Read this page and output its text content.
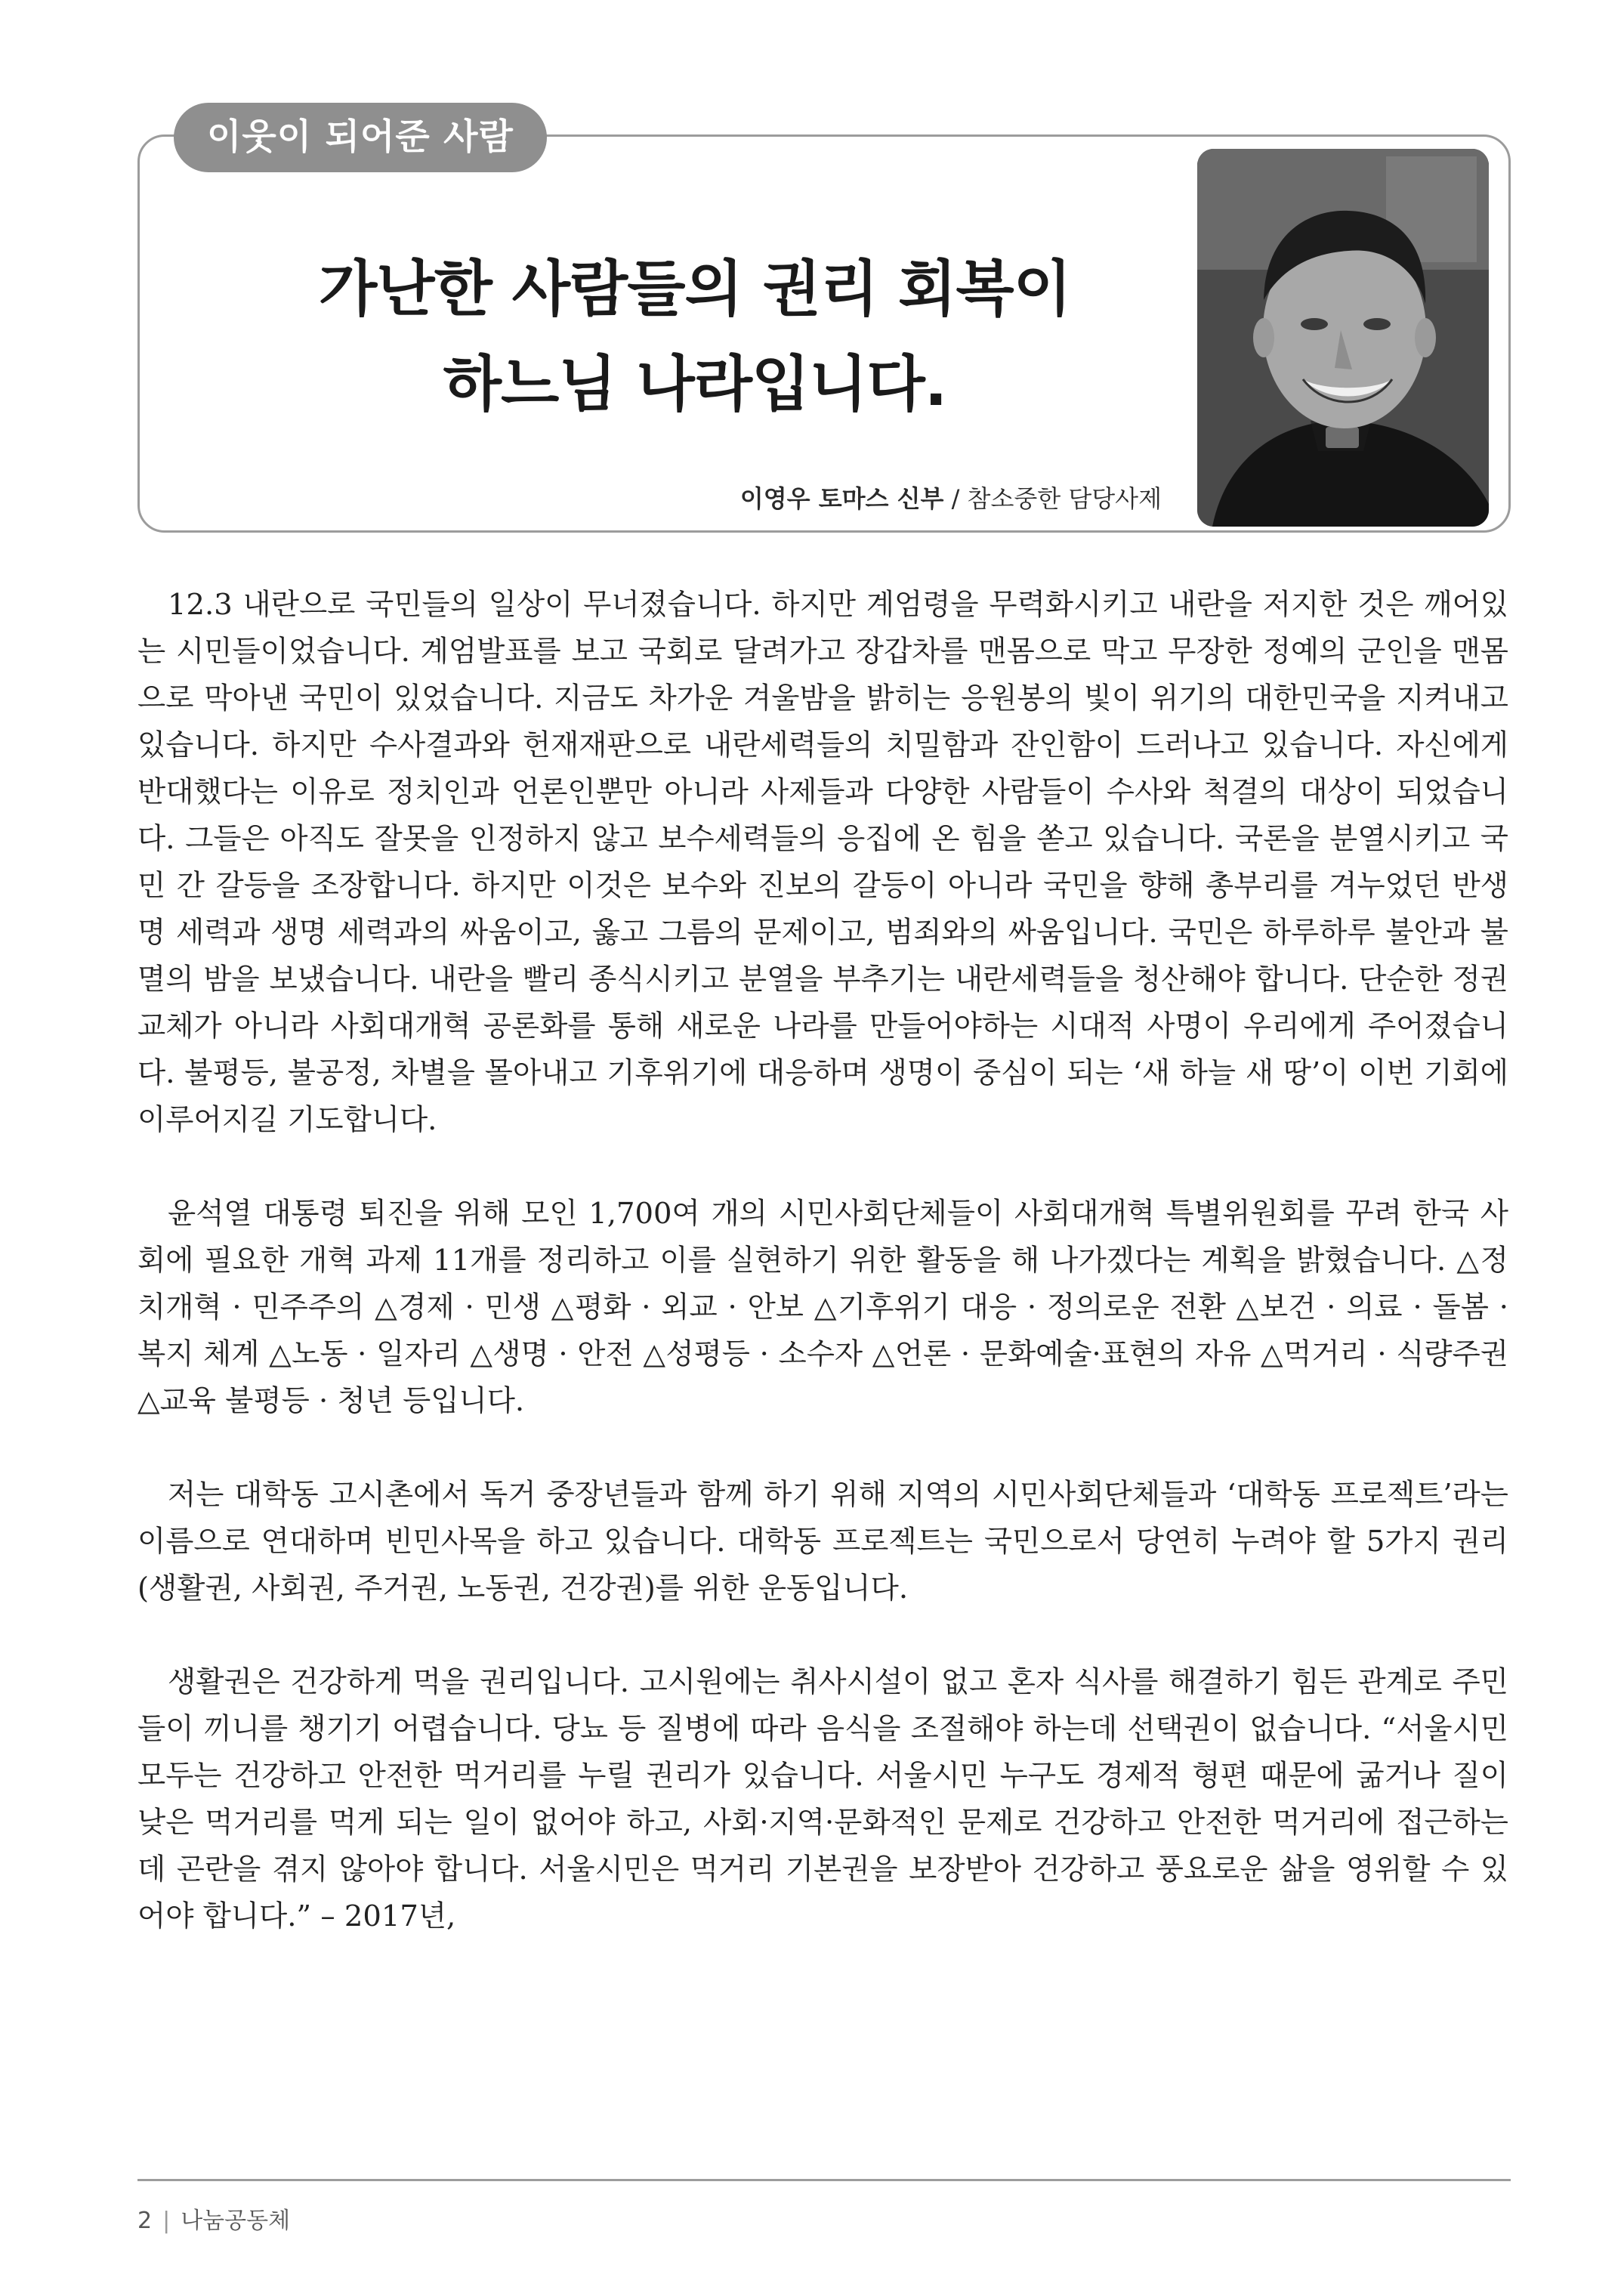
이웃이 되어준 사람
가난한 사람들의 권리 회복이
하느님 나라입니다.
이영우 토마스 신부 / 참소중한 담당사제

12.3 내란으로 국민들의 일상이 무너졌습니다. 하지만 계엄령을 무력화시키고 내란을 저지한 것은 깨어있는 시민들이었습니다. 계엄발표를 보고 국회로 달려가고 장갑차를 맨몸으로 막고 무장한 정예의 군인을 맨몸으로 막아낸 국민이 있었습니다. 지금도 차가운 겨울밤을 밝히는 응원봉의 빛이 위기의 대한민국을 지켜내고 있습니다. 하지만 수사결과와 헌재재판으로 내란세력들의 치밀함과 잔인함이 드러나고 있습니다. 자신에게 반대했다는 이유로 정치인과 언론인뿐만 아니라 사제들과 다양한 사람들이 수사와 척결의 대상이 되었습니다. 그들은 아직도 잘못을 인정하지 않고 보수세력들의 응집에 온 힘을 쏟고 있습니다. 국론을 분열시키고 국민 간 갈등을 조장합니다. 하지만 이것은 보수와 진보의 갈등이 아니라 국민을 향해 총부리를 겨누었던 반생명 세력과 생명 세력과의 싸움이고, 옳고 그름의 문제이고, 범죄와의 싸움입니다. 국민은 하루하루 불안과 불멸의 밤을 보냈습니다. 내란을 빨리 종식시키고 분열을 부추기는 내란세력들을 청산해야 합니다. 단순한 정권교체가 아니라 사회대개혁 공론화를 통해 새로운 나라를 만들어야하는 시대적 사명이 우리에게 주어졌습니다. 불평등, 불공정, 차별을 몰아내고 기후위기에 대응하며 생명이 중심이 되는 ‘새 하늘 새 땅’이 이번 기회에 이루어지길 기도합니다.

윤석열 대통령 퇴진을 위해 모인 1,700여 개의 시민사회단체들이 사회대개혁 특별위원회를 꾸려 한국 사회에 필요한 개혁 과제 11개를 정리하고 이를 실현하기 위한 활동을 해 나가겠다는 계획을 밝혔습니다. △정치개혁 · 민주주의 △경제 · 민생 △평화 · 외교 · 안보 △기후위기 대응 · 정의로운 전환 △보건 · 의료 · 돌봄 · 복지 체계 △노동 · 일자리 △생명 · 안전 △성평등 · 소수자 △언론 · 문화예술·표현의 자유 △먹거리 · 식량주권 △교육 불평등 · 청년 등입니다.

저는 대학동 고시촌에서 독거 중장년들과 함께 하기 위해 지역의 시민사회단체들과 ‘대학동 프로젝트’라는 이름으로 연대하며 빈민사목을 하고 있습니다. 대학동 프로젝트는 국민으로서 당연히 누려야 할 5가지 권리(생활권, 사회권, 주거권, 노동권, 건강권)를 위한 운동입니다.

생활권은 건강하게 먹을 권리입니다. 고시원에는 취사시설이 없고 혼자 식사를 해결하기 힘든 관계로 주민들이 끼니를 챙기기 어렵습니다. 당뇨 등 질병에 따라 음식을 조절해야 하는데 선택권이 없습니다. “서울시민 모두는 건강하고 안전한 먹거리를 누릴 권리가 있습니다. 서울시민 누구도 경제적 형편 때문에 굶거나 질이 낮은 먹거리를 먹게 되는 일이 없어야 하고, 사회·지역·문화적인 문제로 건강하고 안전한 먹거리에 접근하는 데 곤란을 겪지 않아야 합니다. 서울시민은 먹거리 기본권을 보장받아 건강하고 풍요로운 삶을 영위할 수 있어야 합니다.” – 2017년,

2 | 나눔공동체
